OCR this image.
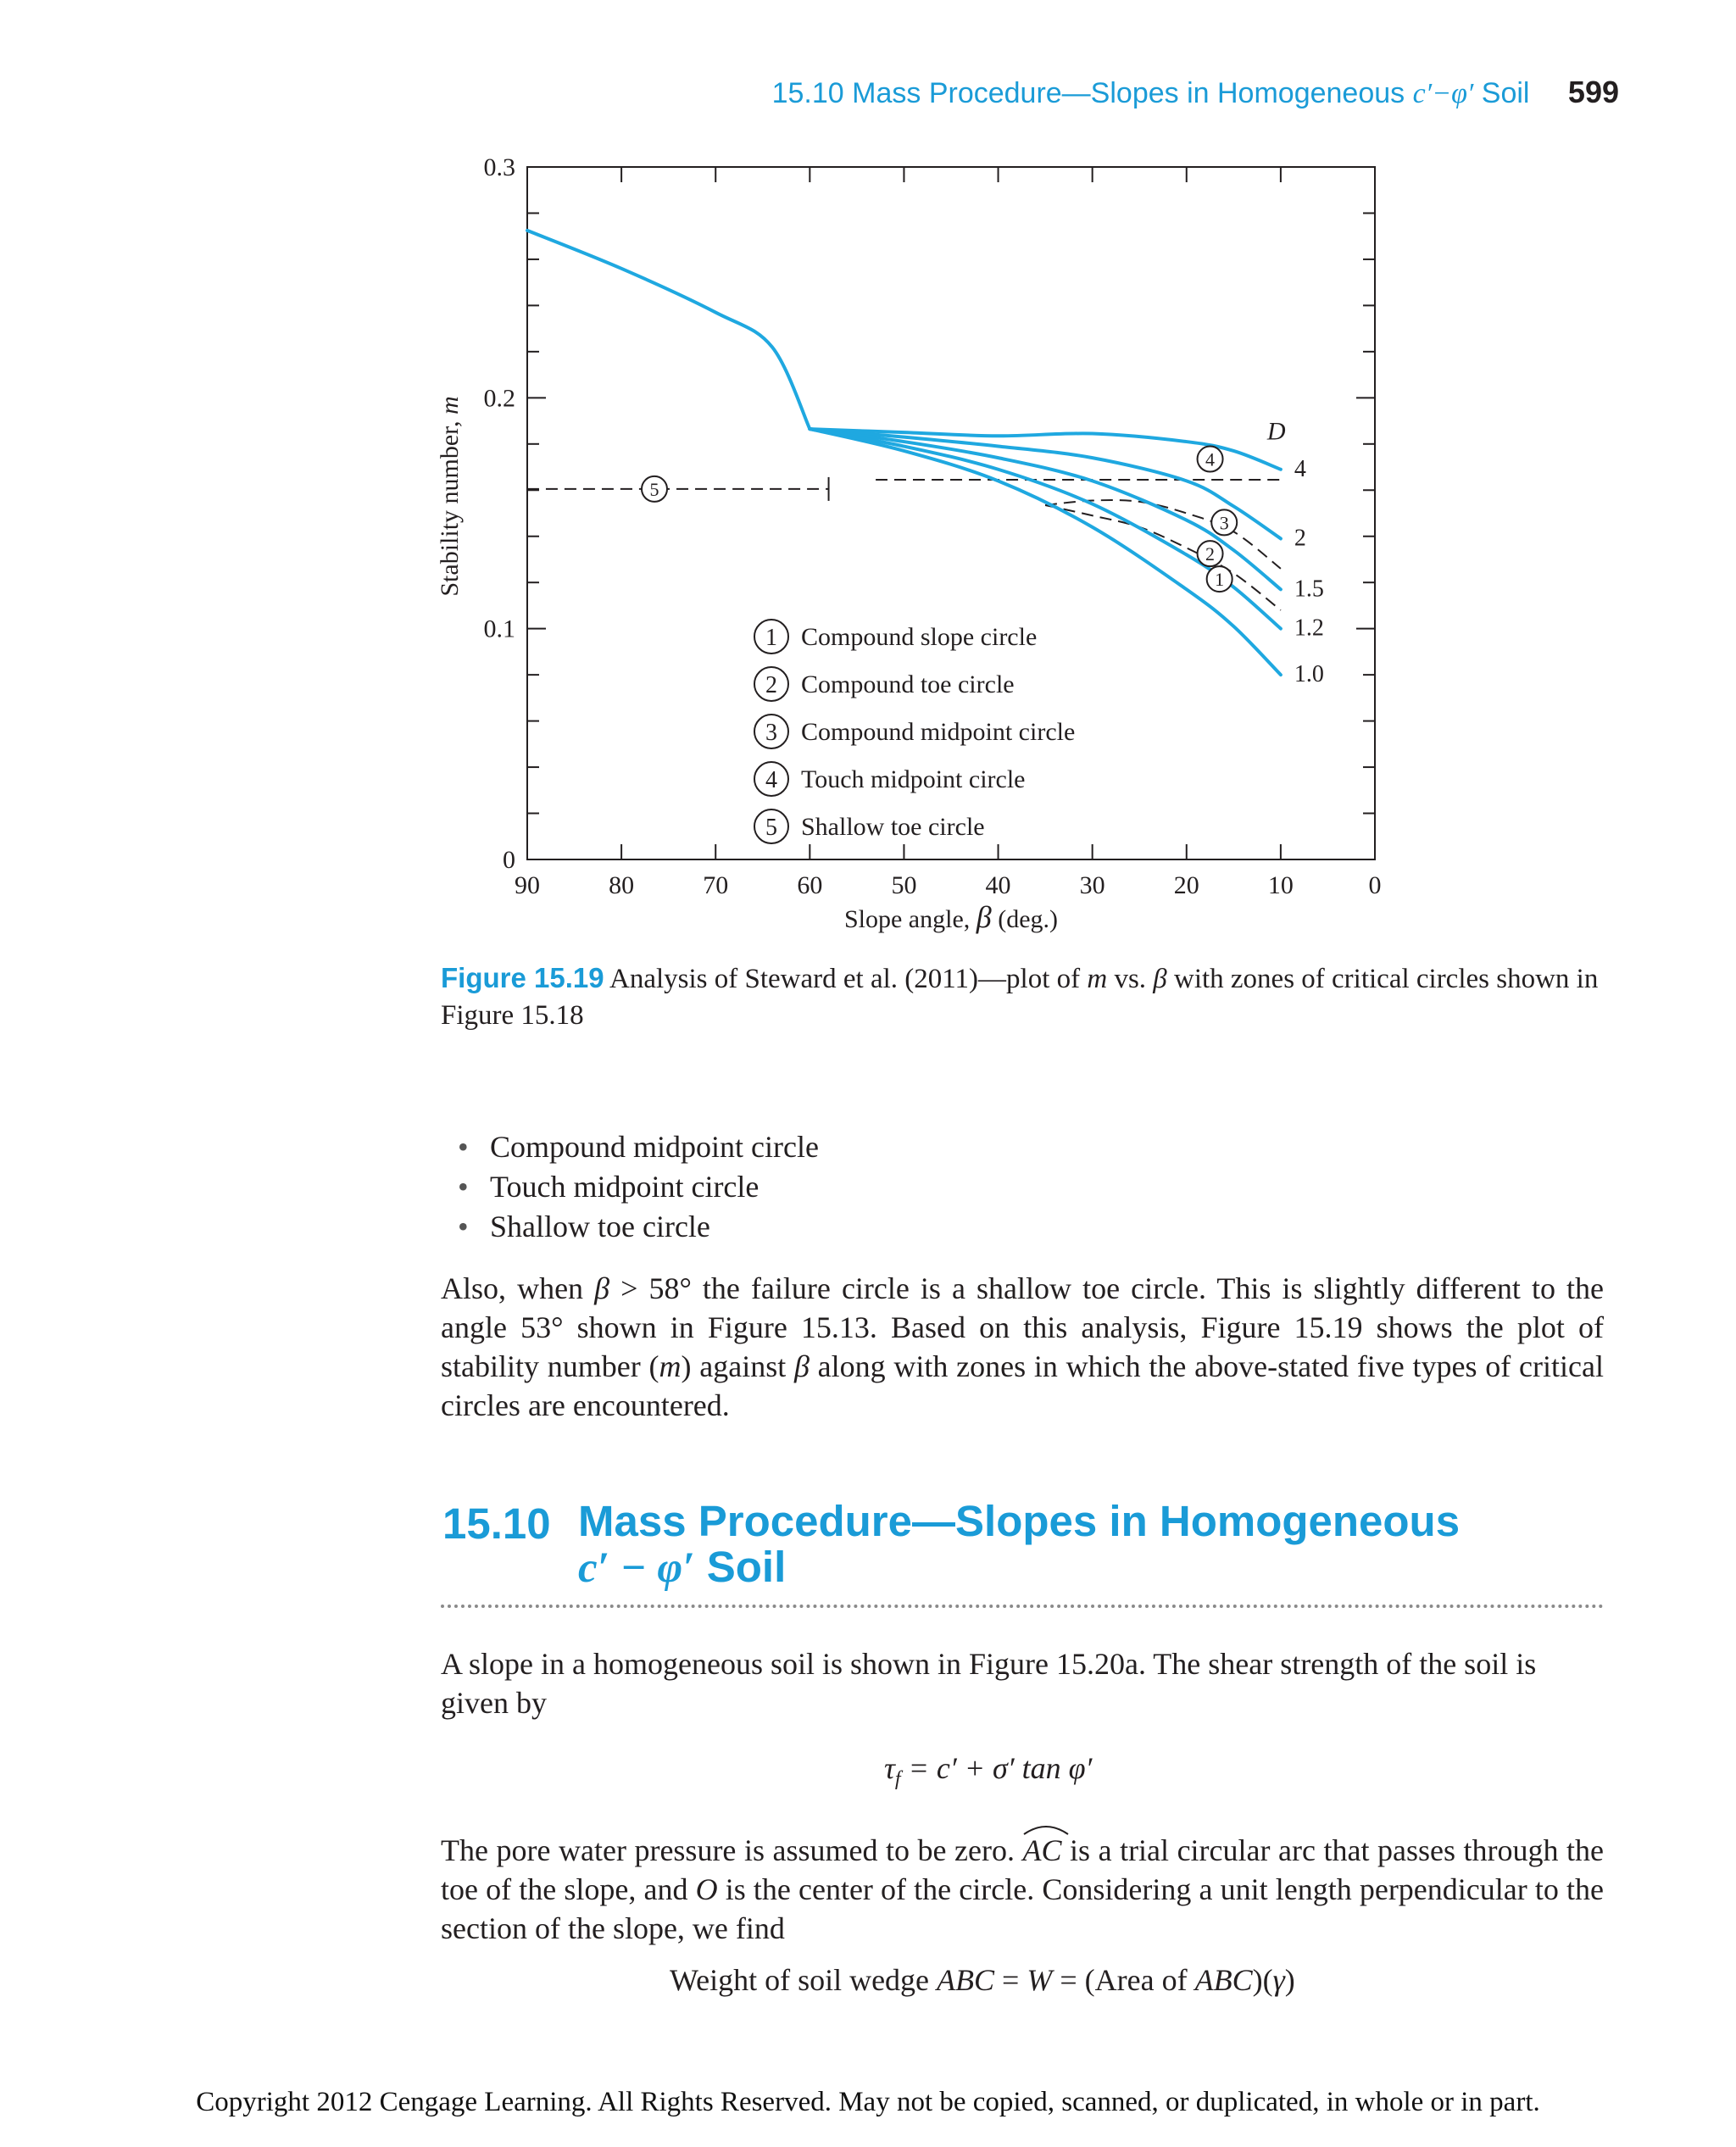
15.10 Mass Procedure—Slopes in Homogeneous c′−φ′ Soil 599
90	80	70	60	50	40	30	20	10	0
0
0.1
0.2
0.3
Slope angle, β (deg.)
Stability number, m
4
2
1.5
1.2
1.0
D
1
2
3
4
5
1 Compound slope circle
2 Compound toe circle
3 Compound midpoint circle
4 Touch midpoint circle
5 Shallow toe circle
Figure 15.19 Analysis of Steward et al. (2011)—plot of m vs. β with zones of critical circles shown in Figure 15.18
• Compound midpoint circle
• Touch midpoint circle
• Shallow toe circle
Also, when β > 58° the failure circle is a shallow toe circle. This is slightly different to the angle 53° shown in Figure 15.13. Based on this analysis, Figure 15.19 shows the plot of stability number (m) against β along with zones in which the above-stated five types of critical circles are encountered.
15.10 Mass Procedure—Slopes in Homogeneous
c′ − φ′ Soil
A slope in a homogeneous soil is shown in Figure 15.20a. The shear strength of the soil is given by
$\tau_f = c' + \sigma'$ tan φ′
The pore water pressure is assumed to be zero.
AC is a trial circular arc that passes through the toe of the slope, and O is the center of the circle. Considering a unit length perpendicular to the section of the slope, we find
Weight of soil wedge ABC = W = (Area of ABC)(γ)
Copyright 2012 Cengage Learning. All Rights Reserved. May not be copied, scanned, or duplicated, in whole or in part.
